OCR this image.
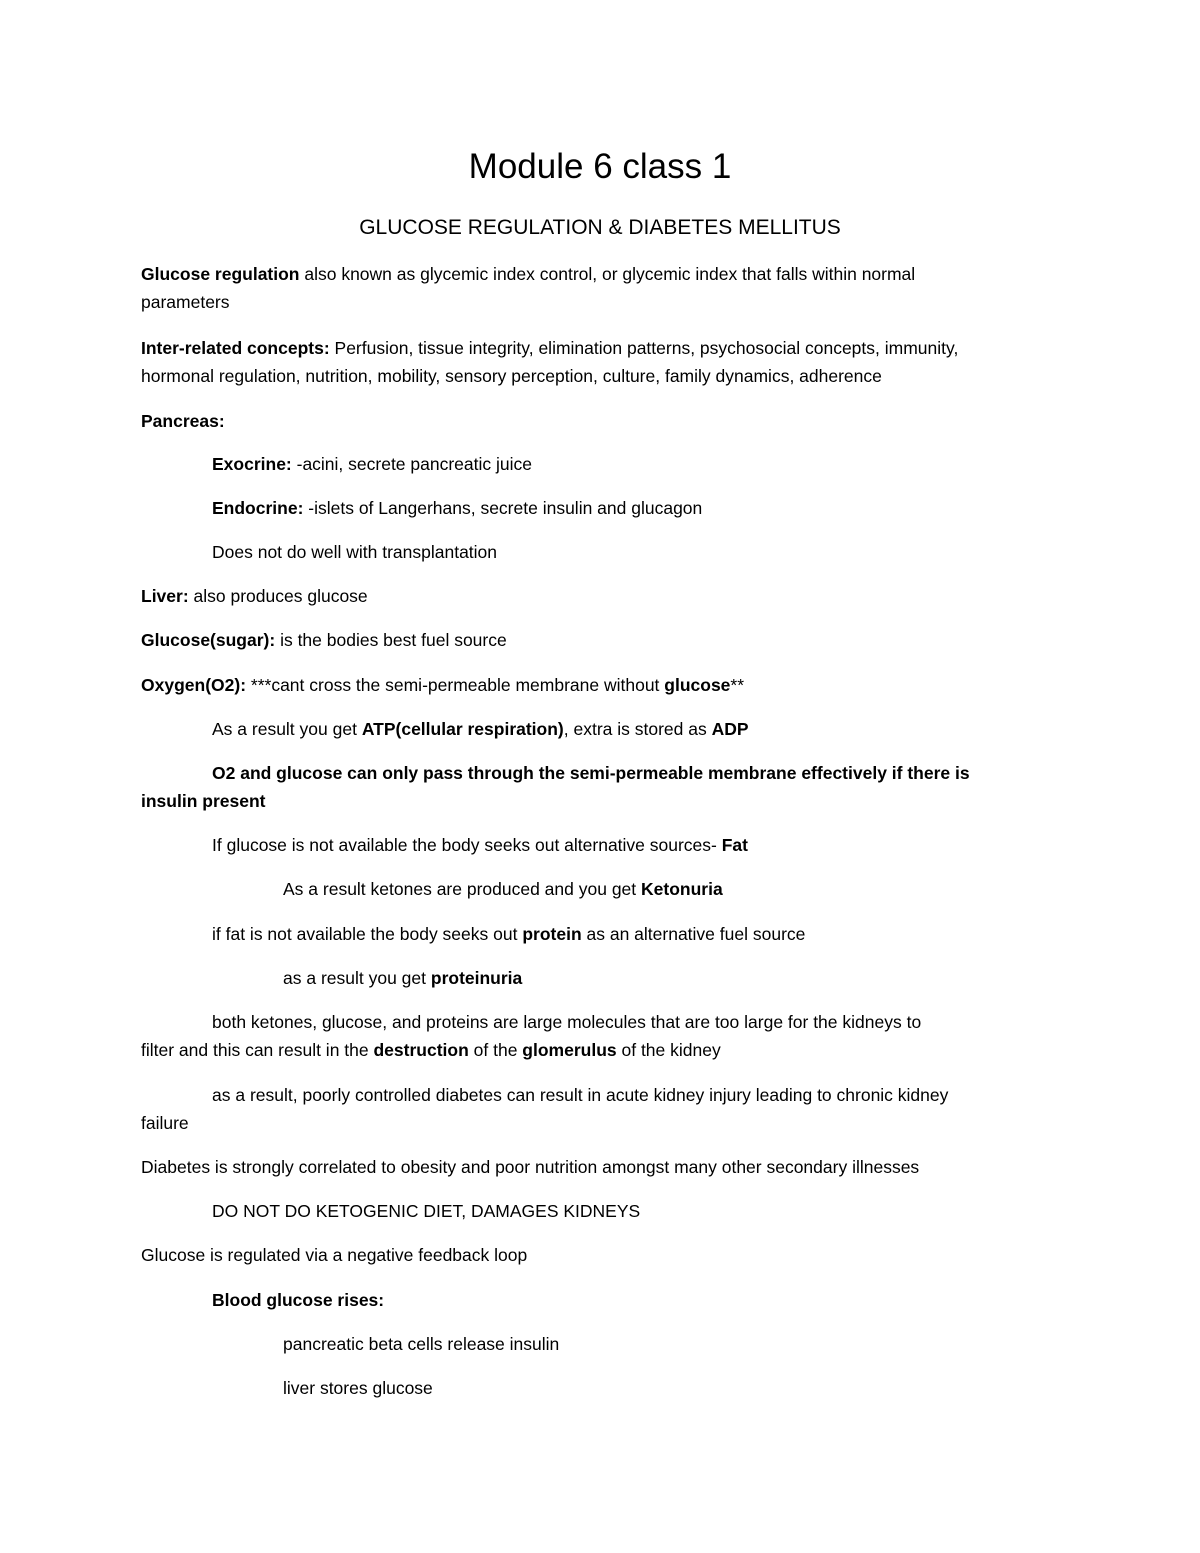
Module 6 class 1
GLUCOSE REGULATION & DIABETES MELLITUS

Glucose regulation also known as glycemic index control, or glycemic index that falls within normal

parameters

Inter-related concepts: Perfusion, tissue integrity, elimination patterns, psychosocial concepts, immunity,

hormonal regulation, nutrition, mobility, sensory perception, culture, family dynamics, adherence

Pancreas:

Exocrine: -acini, secrete pancreatic juice

Endocrine: -islets of Langerhans, secrete insulin and glucagon

Does not do well with transplantation

Liver: also produces glucose

Glucose(sugar): is the bodies best fuel source

Oxygen(O2): ***cant cross the semi-permeable membrane without glucose**

As a result you get ATP(cellular respiration), extra is stored as ADP

O2 and glucose can only pass through the semi-permeable membrane effectively if there is

insulin present

If glucose is not available the body seeks out alternative sources- Fat

As a result ketones are produced and you get Ketonuria

if fat is not available the body seeks out protein as an alternative fuel source

as a result you get proteinuria

both ketones, glucose, and proteins are large molecules that are too large for the kidneys to

filter and this can result in the destruction of the glomerulus of the kidney

as a result, poorly controlled diabetes can result in acute kidney injury leading to chronic kidney

failure

Diabetes is strongly correlated to obesity and poor nutrition amongst many other secondary illnesses

DO NOT DO KETOGENIC DIET, DAMAGES KIDNEYS

Glucose is regulated via a negative feedback loop

Blood glucose rises:

pancreatic beta cells release insulin

liver stores glucose
